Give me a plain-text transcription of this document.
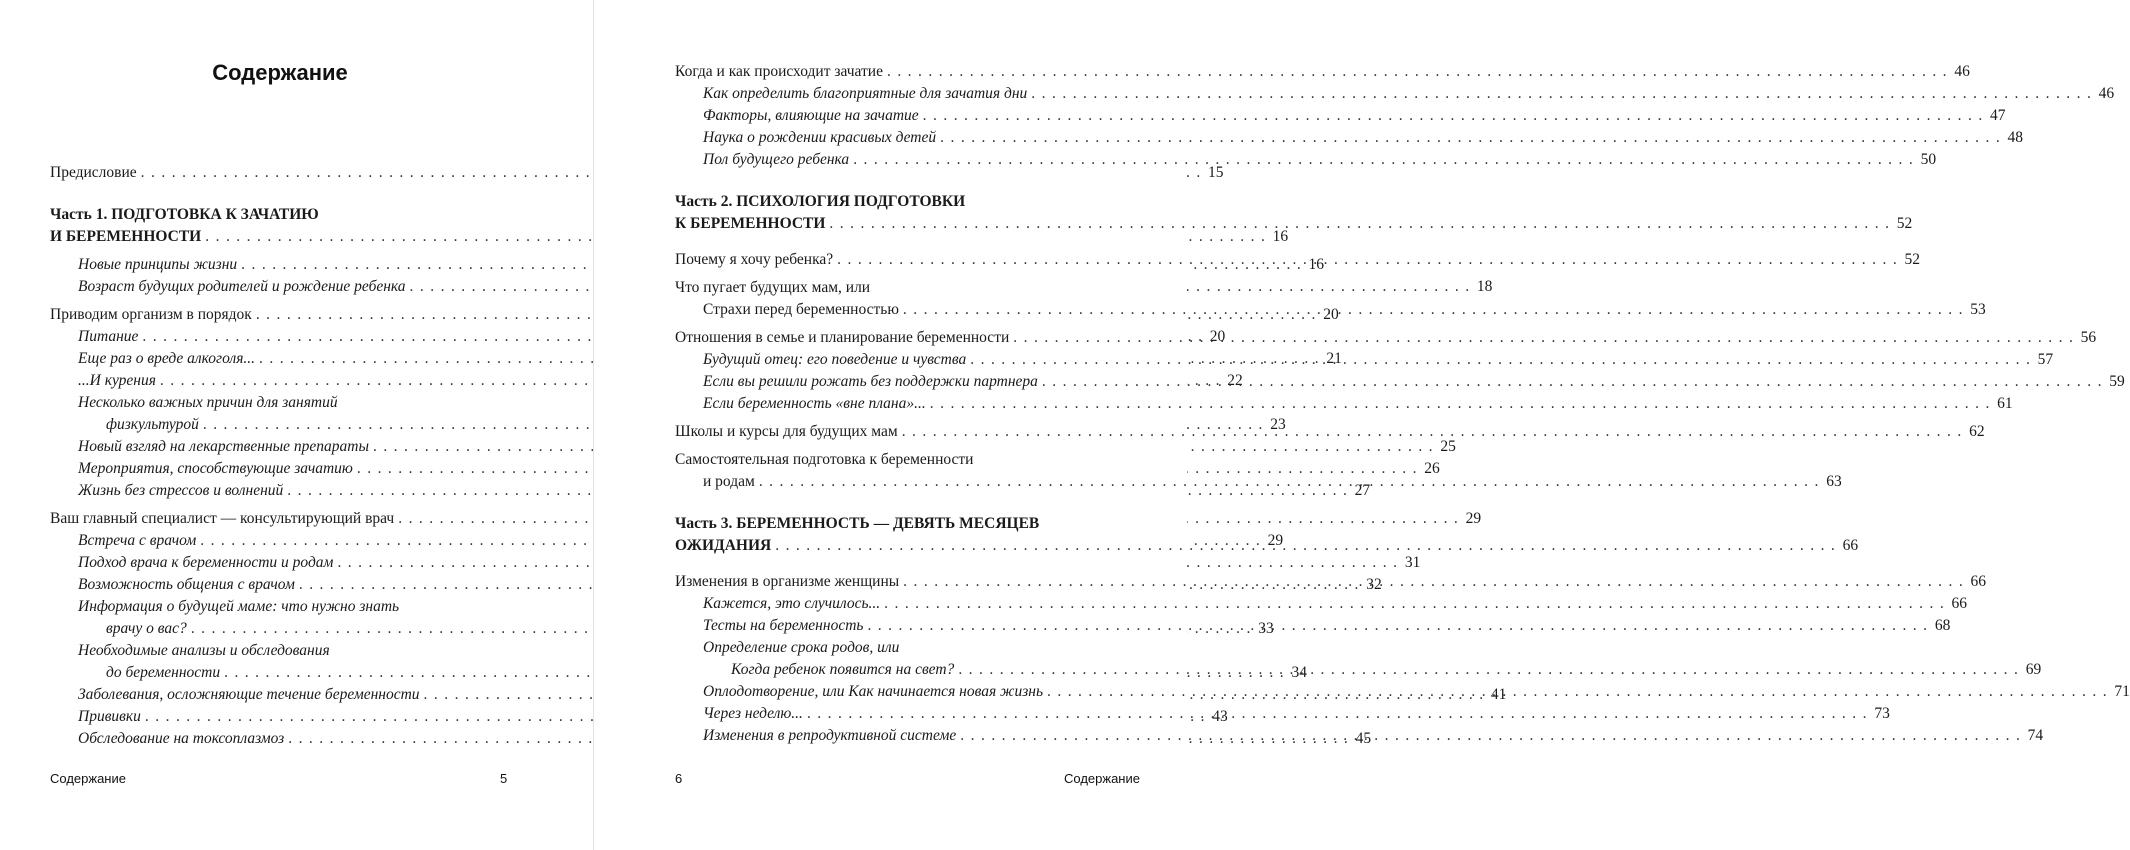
Содержание
Предисловие . . .	15
Часть 1. ПОДГОТОВКА К ЗАЧАТИЮ
И БЕРЕМЕННОСТИ . . .	16
Новые принципы жизни . . .	16
Возраст будущих родителей и рождение ребенка . . .	18
Приводим организм в порядок . . .	20
Питание . . .	20
Еще раз о вреде алкоголя... . . .	21
...И курения . . .	22
Несколько важных причин для занятий
физкультурой . . .	23
Новый взгляд на лекарственные препараты . . .	25
Мероприятия, способствующие зачатию . . .	26
Жизнь без стрессов и волнений . . .	27
Ваш главный специалист — консультирующий врач . . .	29
Встреча с врачом . . .	29
Подход врача к беременности и родам . . .	31
Возможность общения с врачом . . .	32
Информация о будущей маме: что нужно знать
врачу о вас? . . .	33
Необходимые анализы и обследования
до беременности . . .	34
Заболевания, осложняющие течение беременности . . .	41
Прививки . . .	43
Обследование на токсоплазмоз . . .	45
Содержание	5
Когда и как происходит зачатие . . .	46
Как определить благоприятные для зачатия дни . . .	46
Факторы, влияющие на зачатие . . .	47
Наука о рождении красивых детей . . .	48
Пол будущего ребенка . . .	50
Часть 2. ПСИХОЛОГИЯ ПОДГОТОВКИ
К БЕРЕМЕННОСТИ . . .	52
Почему я хочу ребенка? . . .	52
Что пугает будущих мам, или
Страхи перед беременностью . . .	53
Отношения в семье и планирование беременности . . .	56
Будущий отец: его поведение и чувства . . .	57
Если вы решили рожать без поддержки партнера . . .	59
Если беременность «вне плана»... . . .	61
Школы и курсы для будущих мам . . .	62
Самостоятельная подготовка к беременности
и родам . . .	63
Часть 3. БЕРЕМЕННОСТЬ — ДЕВЯТЬ МЕСЯЦЕВ
ОЖИДАНИЯ . . .	66
Изменения в организме женщины . . .	66
Кажется, это случилось... . . .	66
Тесты на беременность . . .	68
Определение срока родов, или
Когда ребенок появится на свет? . . .	69
Оплодотворение, или Как начинается новая жизнь . . .	71
Через неделю... . . .	73
Изменения в репродуктивной системе . . .	74
6	Содержание
